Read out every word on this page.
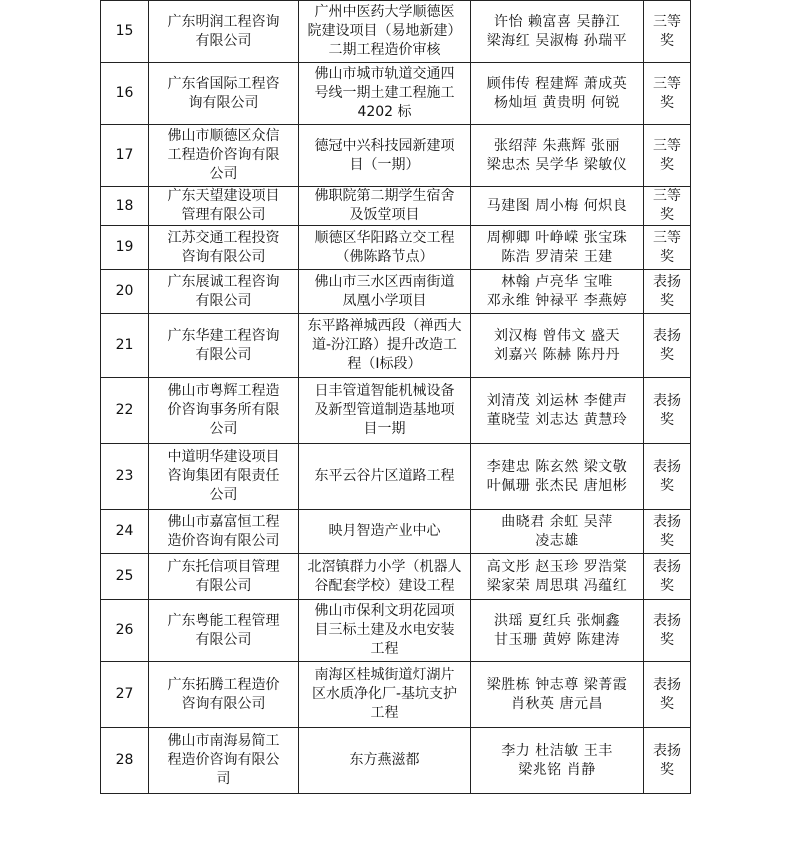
15	广东明润工程咨询
有限公司	广州中医药大学顺德医
院建设项目（易地新建）
二期工程造价审核	许怡 赖富喜 吴静江
梁海红 吴淑梅 孙瑞平	三等奖
16	广东省国际工程咨
询有限公司	佛山市城市轨道交通四
号线一期土建工程施工
4202 标	顾伟传 程建辉 萧成英
杨灿垣 黄贵明 何锐	三等奖
17	佛山市顺德区众信
工程造价咨询有限
公司	德冠中兴科技园新建项
目（一期）	张绍萍 朱燕辉 张丽
梁忠杰 吴学华 梁敏仪	三等奖
18	广东天望建设项目
管理有限公司	佛职院第二期学生宿舍
及饭堂项目	马建图 周小梅 何炽良	三等奖
19	江苏交通工程投资
咨询有限公司	顺德区华阳路立交工程
（佛陈路节点）	周柳卿 叶峥嵘 张宝珠
陈浩 罗清荣 王建	三等奖
20	广东展诚工程咨询
有限公司	佛山市三水区西南街道
凤凰小学项目	林翰 卢亮华 宝唯
邓永维 钟禄平 李燕婷	表扬奖
21	广东华建工程咨询
有限公司	东平路禅城西段（禅西大
道-汾江路）提升改造工
程（Ⅰ标段）	刘汉梅 曾伟文 盛天
刘嘉兴 陈赫 陈丹丹	表扬奖
22	佛山市粤辉工程造
价咨询事务所有限
公司	日丰管道智能机械设备
及新型管道制造基地项
目一期	刘清茂 刘运林 李健声
董晓莹 刘志达 黄慧玲	表扬奖
23	中道明华建设项目
咨询集团有限责任
公司	东平云谷片区道路工程	李建忠 陈玄然 梁文敬
叶佩珊 张杰民 唐旭彬	表扬奖
24	佛山市嘉富恒工程
造价咨询有限公司	映月智造产业中心	曲晓君 余虹 吴萍
凌志雄	表扬奖
25	广东托信项目管理
有限公司	北滘镇群力小学（机器人
谷配套学校）建设工程	高文彤 赵玉珍 罗浩棠
梁家荣 周思琪 冯蕴红	表扬奖
26	广东粤能工程管理
有限公司	佛山市保利文玥花园项
目三标土建及水电安装
工程	洪瑶 夏红兵 张炯鑫
甘玉珊 黄婷 陈建涛	表扬奖
27	广东拓腾工程造价
咨询有限公司	南海区桂城街道灯湖片
区水质净化厂-基坑支护
工程	梁胜栋 钟志尊 梁菁霞
肖秋英 唐元昌	表扬奖
28	佛山市南海易简工
程造价咨询有限公
司	东方燕滋都	李力 杜洁敏 王丰
梁兆铭 肖静	表扬奖
